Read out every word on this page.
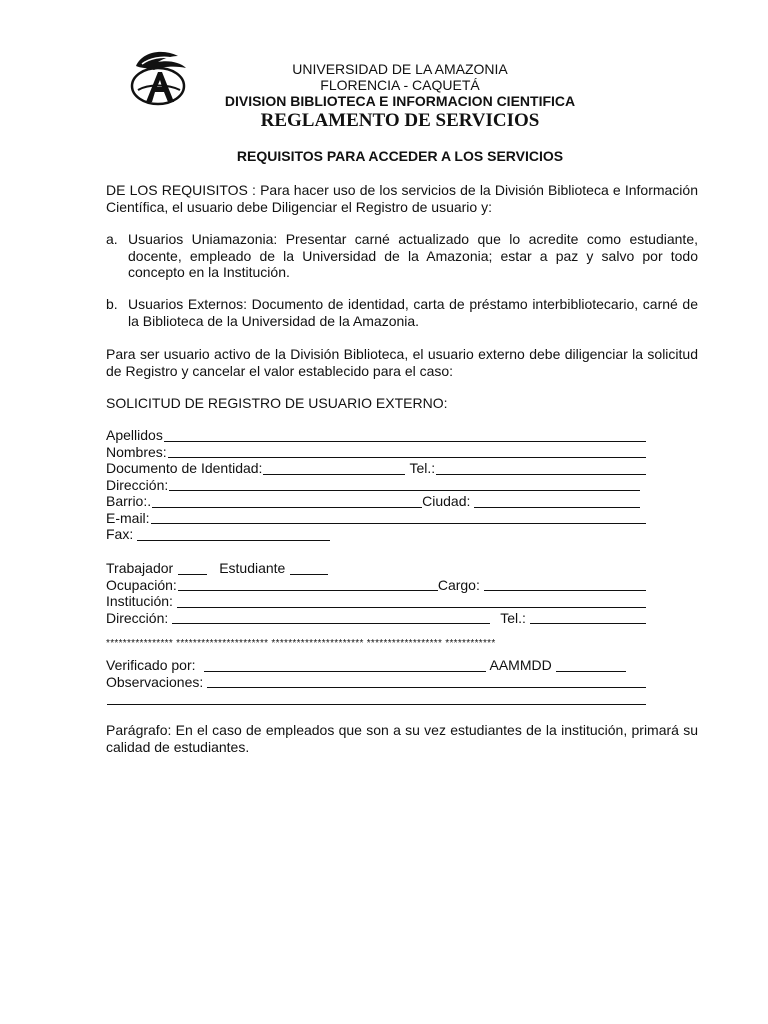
UNIVERSIDAD DE LA AMAZONIA
FLORENCIA - CAQUETÁ
DIVISION BIBLIOTECA E INFORMACION CIENTIFICA
REGLAMENTO DE SERVICIOS
REQUISITOS PARA ACCEDER A LOS SERVICIOS
DE LOS REQUISITOS : Para hacer uso de los servicios de la División Biblioteca e Información Científica, el usuario debe Diligenciar el Registro de usuario y:
a. Usuarios Uniamazonia: Presentar carné actualizado que lo acredite como estudiante, docente, empleado de la Universidad de la Amazonia; estar a paz y salvo por todo concepto en la Institución.
b. Usuarios Externos: Documento de identidad, carta de préstamo interbibliotecario, carné de la Biblioteca de la Universidad de la Amazonia.
Para ser usuario activo de la División Biblioteca, el usuario externo debe diligenciar la solicitud de Registro y cancelar el valor establecido para el caso:
SOLICITUD DE REGISTRO DE USUARIO EXTERNO:
Apellidos
Nombres:
Documento de Identidad:	Tel.:
Dirección:
Barrio:.	Ciudad:
E-mail:
Fax:
Trabajador	Estudiante
Ocupación:	Cargo:
Institución:
Dirección:	Tel.:
**************** ********************** ********************** ****************** ************
Verificado por:	AAMMDD
Observaciones:
Parágrafo: En el caso de empleados que son a su vez estudiantes de la institución, primará su calidad de estudiantes.
